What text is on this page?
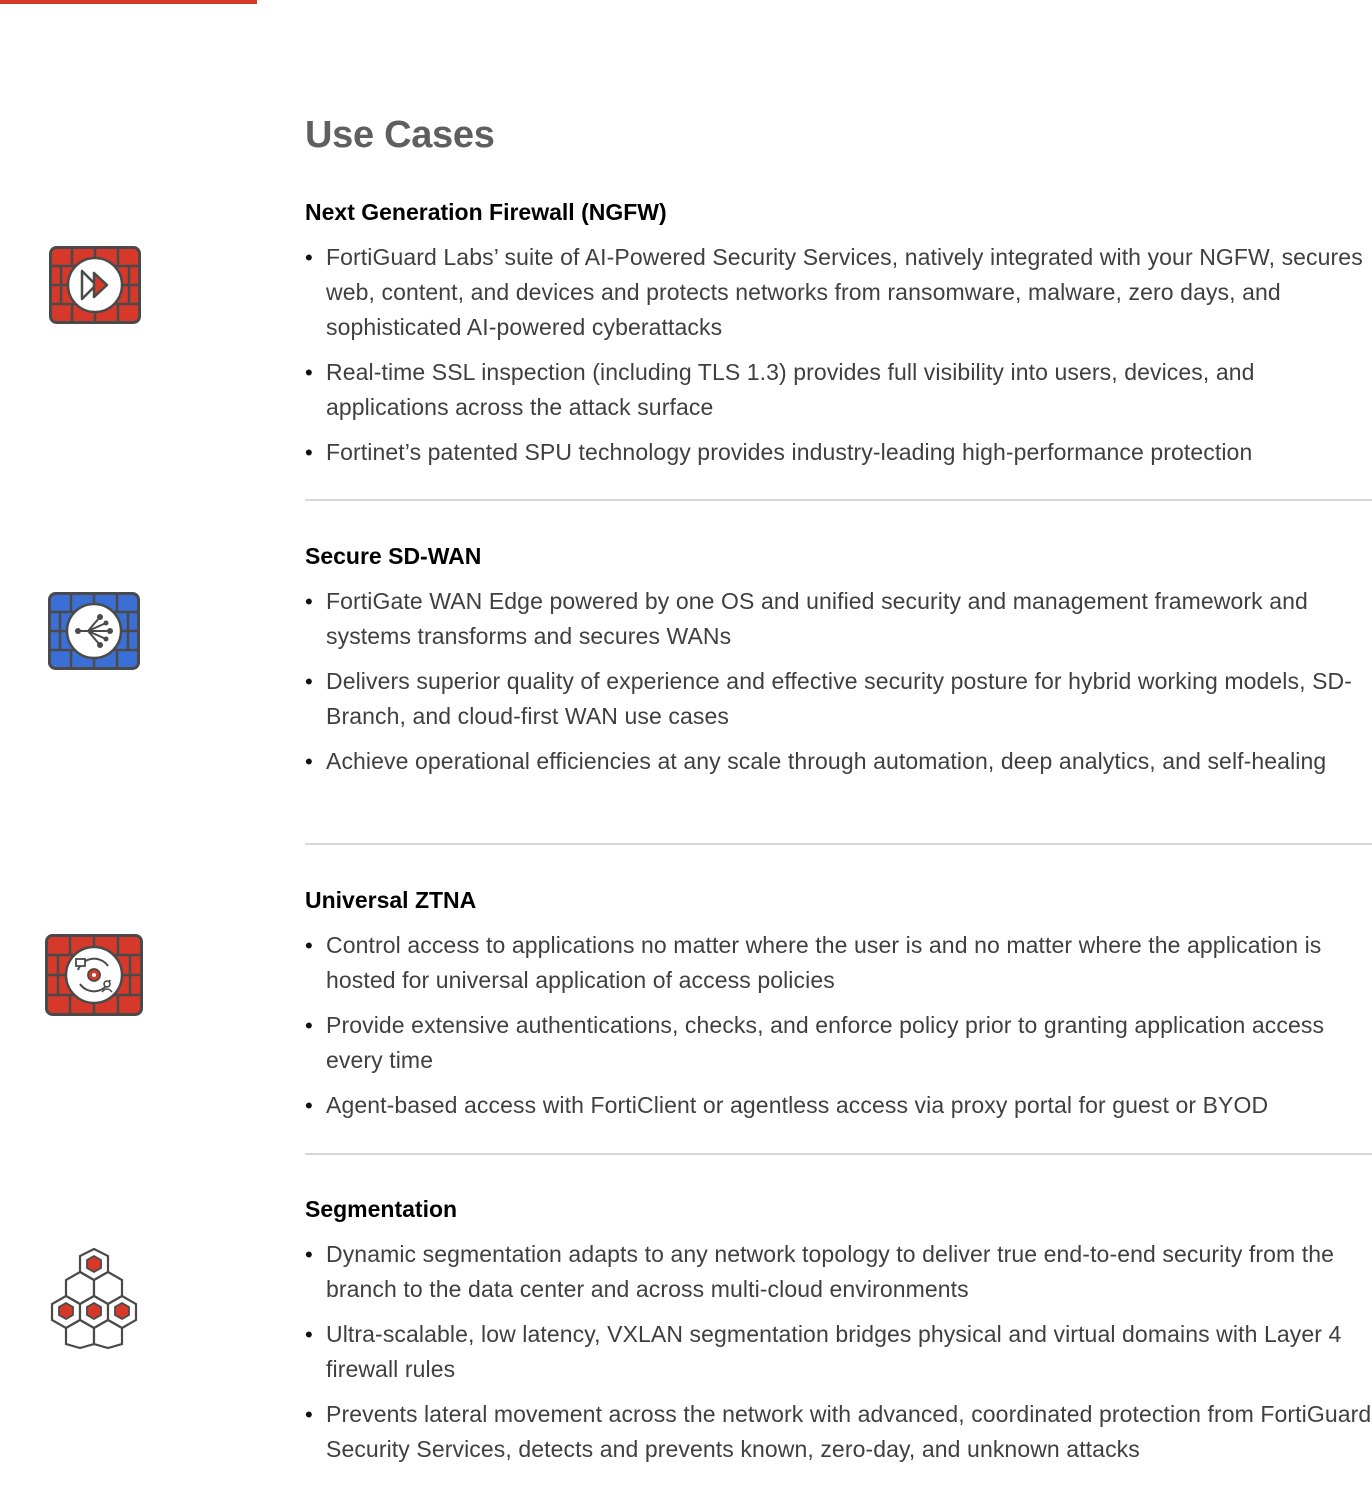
Use Cases
Next Generation Firewall (NGFW)
• FortiGuard Labs’ suite of AI-Powered Security Services, natively integrated with your NGFW, secures web, content, and devices and protects networks from ransomware, malware, zero days, and sophisticated AI-powered cyberattacks
• Real-time SSL inspection (including TLS 1.3) provides full visibility into users, devices, and applications across the attack surface
• Fortinet’s patented SPU technology provides industry-leading high-performance protection
Secure SD-WAN
• FortiGate WAN Edge powered by one OS and unified security and management framework and systems transforms and secures WANs
• Delivers superior quality of experience and effective security posture for hybrid working models, SD-Branch, and cloud-first WAN use cases
• Achieve operational efficiencies at any scale through automation, deep analytics, and self-healing
Universal ZTNA
• Control access to applications no matter where the user is and no matter where the application is hosted for universal application of access policies
• Provide extensive authentications, checks, and enforce policy prior to granting application access every time
• Agent-based access with FortiClient or agentless access via proxy portal for guest or BYOD
Segmentation
• Dynamic segmentation adapts to any network topology to deliver true end-to-end security from the branch to the data center and across multi-cloud environments
• Ultra-scalable, low latency, VXLAN segmentation bridges physical and virtual domains with Layer 4 firewall rules
• Prevents lateral movement across the network with advanced, coordinated protection from FortiGuard Security Services, detects and prevents known, zero-day, and unknown attacks
